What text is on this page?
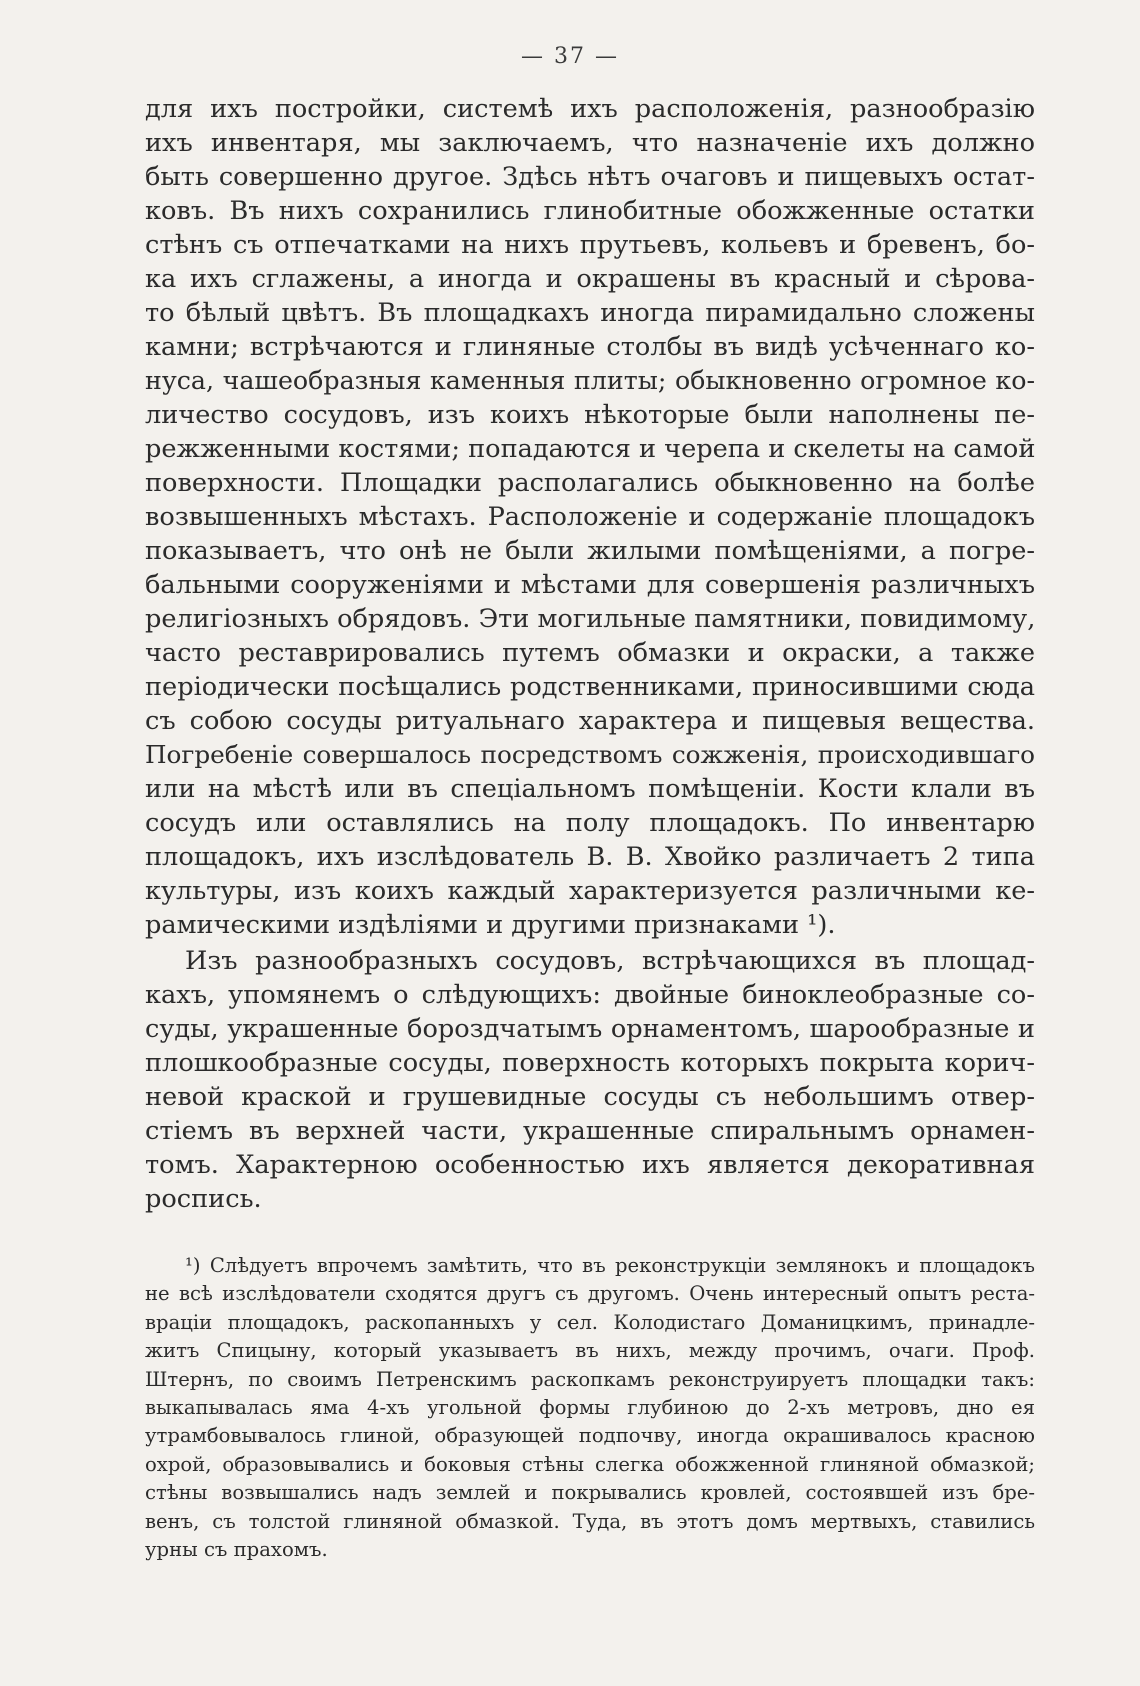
— 37 —
для ихъ постройки, системѣ ихъ расположенія, разнообразію
ихъ инвентаря, мы заключаемъ, что назначеніе ихъ должно
быть совершенно другое. Здѣсь нѣтъ очаговъ и пищевыхъ остат-
ковъ. Въ нихъ сохранились глинобитные обожженные остатки
стѣнъ съ отпечатками на нихъ прутьевъ, кольевъ и бревенъ, бо-
ка ихъ сглажены, а иногда и окрашены въ красный и сѣрова-
то бѣлый цвѣтъ. Въ площадкахъ иногда пирамидально сложены
камни; встрѣчаются и глиняные столбы въ видѣ усѣченнаго ко-
нуса, чашеобразныя каменныя плиты; обыкновенно огромное ко-
личество сосудовъ, изъ коихъ нѣкоторые были наполнены пе-
режженными костями; попадаются и черепа и скелеты на самой
поверхности. Площадки располагались обыкновенно на болѣе
возвышенныхъ мѣстахъ. Расположеніе и содержаніе площадокъ
показываетъ, что онѣ не были жилыми помѣщеніями, а погре-
бальными сооруженіями и мѣстами для совершенія различныхъ
религіозныхъ обрядовъ. Эти могильные памятники, повидимому,
часто реставрировались путемъ обмазки и окраски, а также
періодически посѣщались родственниками, приносившими сюда
съ собою сосуды ритуальнаго характера и пищевыя вещества.
Погребеніе совершалось посредствомъ сожженія, происходившаго
или на мѣстѣ или въ спеціальномъ помѣщеніи. Кости клали въ
сосудъ или оставлялись на полу площадокъ. По инвентарю
площадокъ, ихъ изслѣдователь В. В. Хвойко различаетъ 2 типа
культуры, изъ коихъ каждый характеризуется различными ке-
рамическими издѣліями и другими признаками ¹).
Изъ разнообразныхъ сосудовъ, встрѣчающихся въ площад-
кахъ, упомянемъ о слѣдующихъ: двойные биноклеобразные со-
суды, украшенные бороздчатымъ орнаментомъ, шарообразные и
плошкообразные сосуды, поверхность которыхъ покрыта корич-
невой краской и грушевидные сосуды съ небольшимъ отвер-
стіемъ въ верхней части, украшенные спиральнымъ орнамен-
томъ. Характерною особенностью ихъ является декоративная
роспись.
¹) Слѣдуетъ впрочемъ замѣтить, что въ реконструкціи землянокъ и площадокъ
не всѣ изслѣдователи сходятся другъ съ другомъ. Очень интересный опытъ реста-
враціи площадокъ, раскопанныхъ у сел. Колодистаго Доманицкимъ, принадле-
житъ Спицыну, который указываетъ въ нихъ, между прочимъ, очаги. Проф.
Штернъ, по своимъ Петренскимъ раскопкамъ реконструируетъ площадки такъ:
выкапывалась яма 4-хъ угольной формы глубиною до 2-хъ метровъ, дно ея
утрамбовывалось глиной, образующей подпочву, иногда окрашивалось красною
охрой, образовывались и боковыя стѣны слегка обожженной глиняной обмазкой;
стѣны возвышались надъ землей и покрывались кровлей, состоявшей изъ бре-
венъ, съ толстой глиняной обмазкой. Туда, въ этотъ домъ мертвыхъ, ставились
урны съ прахомъ.
